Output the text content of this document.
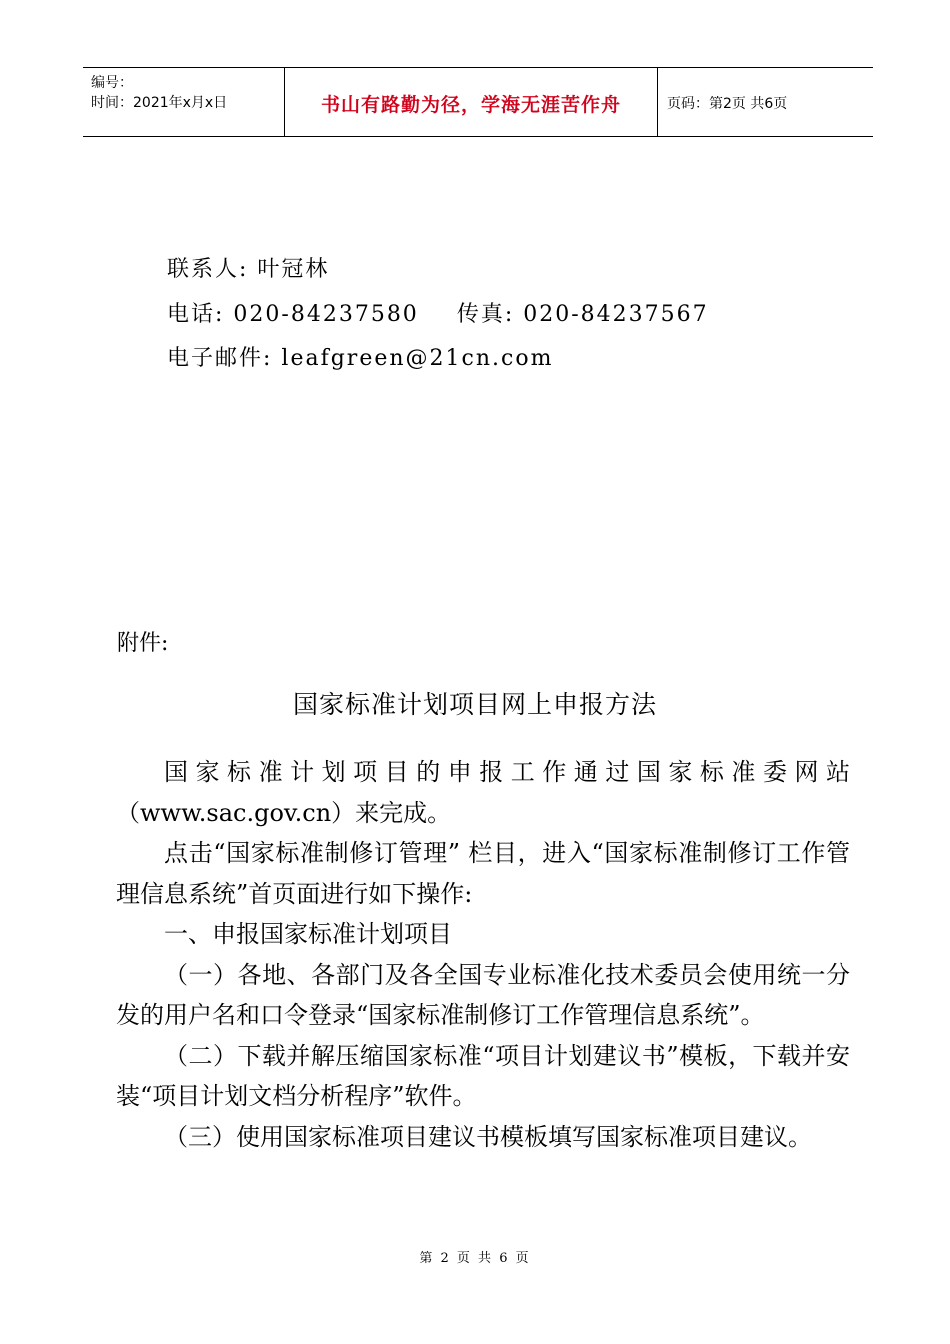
编号：
时间：2021年x月x日	书山有路勤为径，学海无涯苦作舟	页码：第2页 共6页
联系人: 叶冠林
电话: 020-84237580 传真: 020-84237567
电子邮件: leafgreen@21cn.com
附件:
国家标准计划项目网上申报方法

国家标准计划项目的申报工作通过国家标准委网站（www.sac.gov.cn）来完成。

点击“国家标准制修订管理” 栏目，进入“国家标准制修订工作管理信息系统”首页面进行如下操作:

一、申报国家标准计划项目

（一）各地、各部门及各全国专业标准化技术委员会使用统一分发的用户名和口令登录“国家标准制修订工作管理信息系统”。

（二）下载并解压缩国家标准“项目计划建议书”模板，下载并安装“项目计划文档分析程序”软件。

（三）使用国家标准项目建议书模板填写国家标准项目建议。

第 2 页 共 6 页
